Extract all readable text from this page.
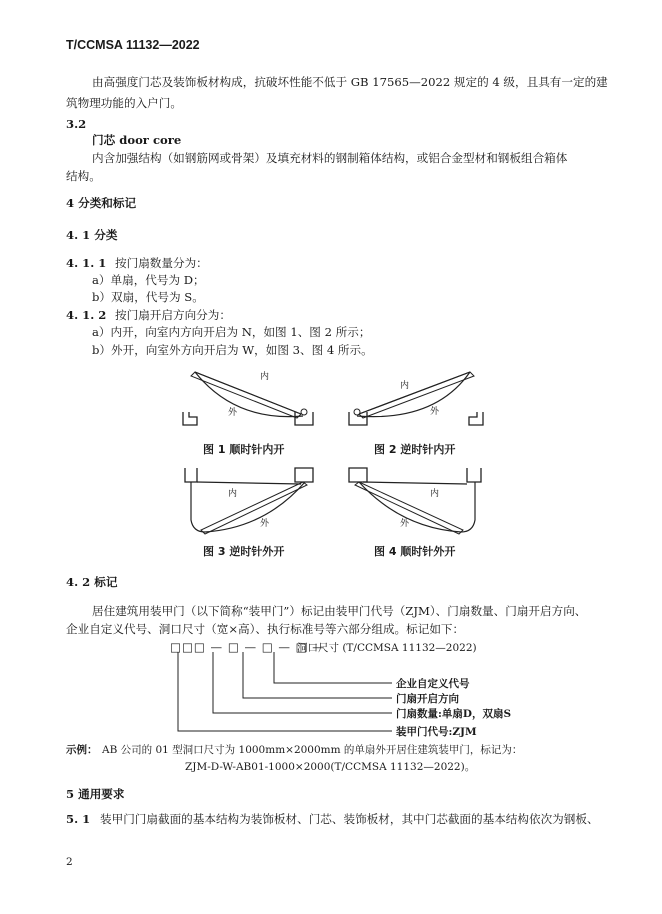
T/CCMSA 11132—2022
由高强度门芯及装饰板材构成，抗破坏性能不低于 GB 17565—2022 规定的 4 级，且具有一定的建
筑物理功能的入户门。
3.2
门芯 door core
内含加强结构（如钢筋网或骨架）及填充材料的钢制箱体结构，或铝合金型材和钢板组合箱体
结构。
4 分类和标记
4. 1 分类
4. 1. 1 按门扇数量分为：
a）单扇，代号为 D；
b）双扇，代号为 S。
4. 1. 2 按门扇开启方向分为：
a）内开，向室内方向开启为 N，如图 1、图 2 所示；
b）外开，向室外方向开启为 W，如图 3、图 4 所示。
内
外
图 1 顺时针内开
内
外
图 2 逆时针内开
内
外
图 3 逆时针外开
内
外
图 4 顺时针外开
4. 2 标记
居住建筑用装甲门（以下简称“装甲门”）标记由装甲门代号（ZJM）、门扇数量、门扇开启方向、
企业自定义代号、洞口尺寸（宽×高）、执行标准号等六部分组成。标记如下：
□□□ — □ — □ — □ —
洞口尺寸 (T/CCMSA 11132—2022)
企业自定义代号
门扇开启方向
门扇数量:单扇D，双扇S
装甲门代号:ZJM
示例： AB 公司的 01 型洞口尺寸为 1000mm×2000mm 的单扇外开居住建筑装甲门，标记为：
ZJM-D-W-AB01-1000×2000(T/CCMSA 11132—2022)。
5 通用要求
5. 1 装甲门门扇截面的基本结构为装饰板材、门芯、装饰板材，其中门芯截面的基本结构依次为钢板、
2
